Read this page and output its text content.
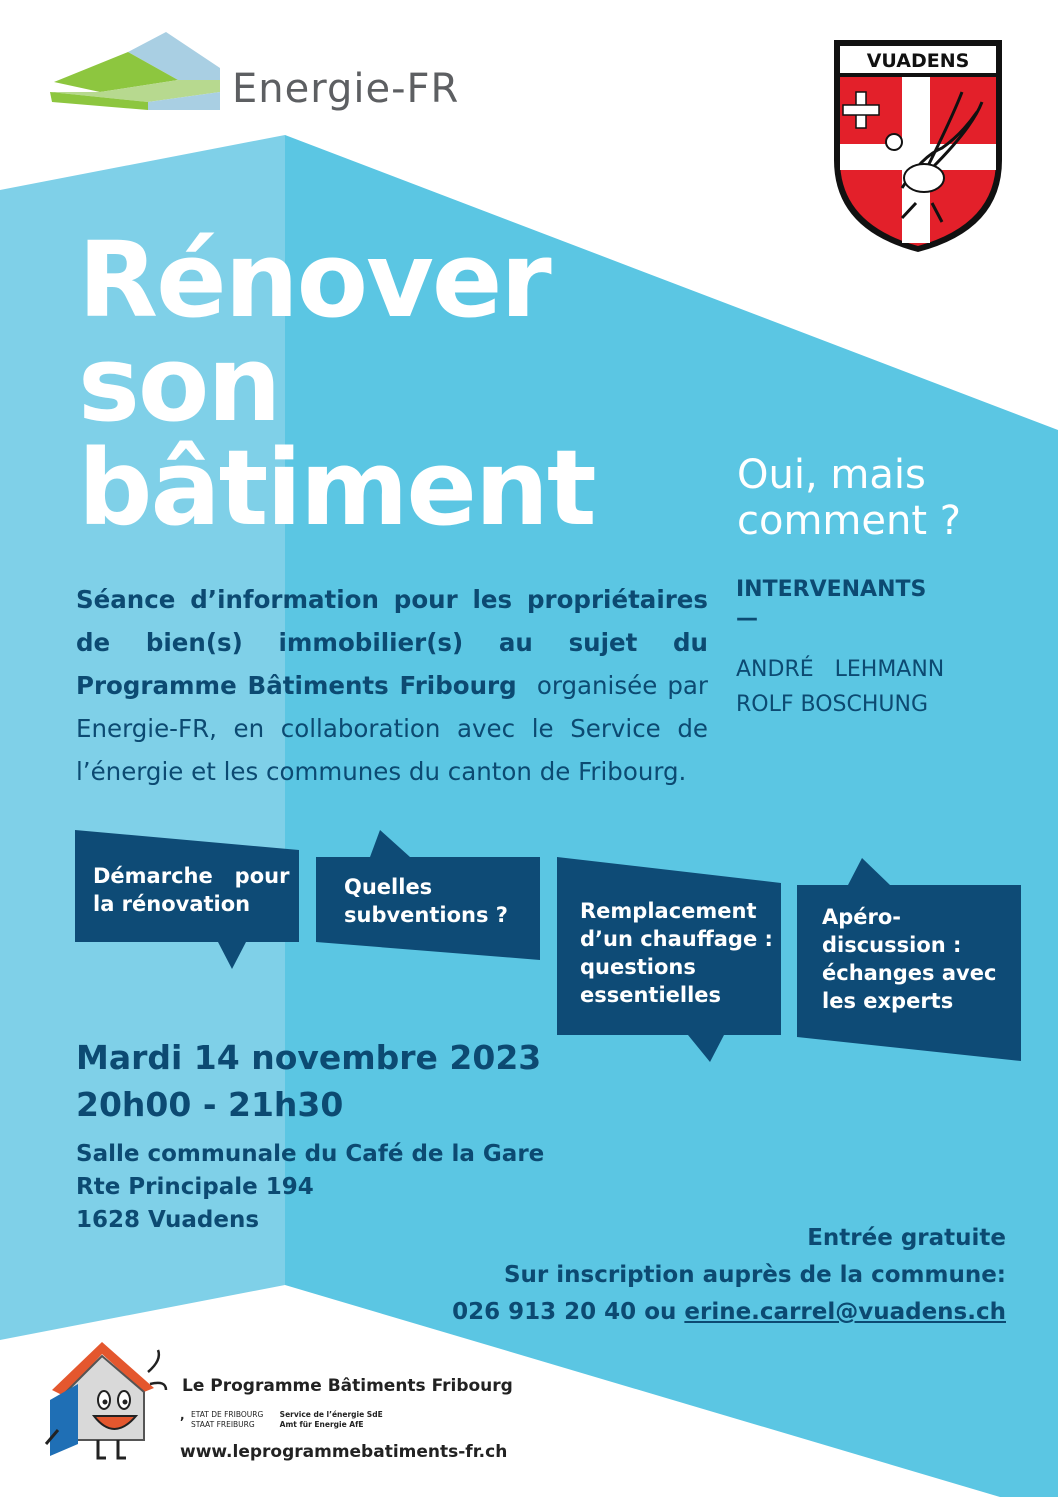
Energie-FR

VUADENS
Rénover
son
bâtiment	Oui, mais
comment ?

Séance d’information pour les propriétaires de bien(s) immobilier(s) au sujet du Programme Bâtiments Fribourg organisée par Energie-FR, en collaboration avec le Service de l’énergie et les communes du canton de Fribourg.

INTERVENANTS

—

ANDRÉ   LEHMANN
ROLF BOSCHUNG
Démarche   pour
la rénovation
Quelles
subventions ?	Remplacement
d’un chauffage :
questions
essentielles
Apéro-
discussion :
échanges avec
les experts

Mardi 14 novembre 2023

20h00 - 21h30

Salle communale du Café de la Gare
Rte Principale 194
1628 Vuadens
Entrée gratuite
Sur inscription auprès de la commune:
026 913 20 40 ou erine.carrel@vuadens.ch

Le Programme Bâtiments Fribourg

, ETAT DE FRIBOURG
STAAT FREIBURG

Service de l’énergie SdE
Amt für Energie AfE

www.leprogrammebatiments-fr.ch
